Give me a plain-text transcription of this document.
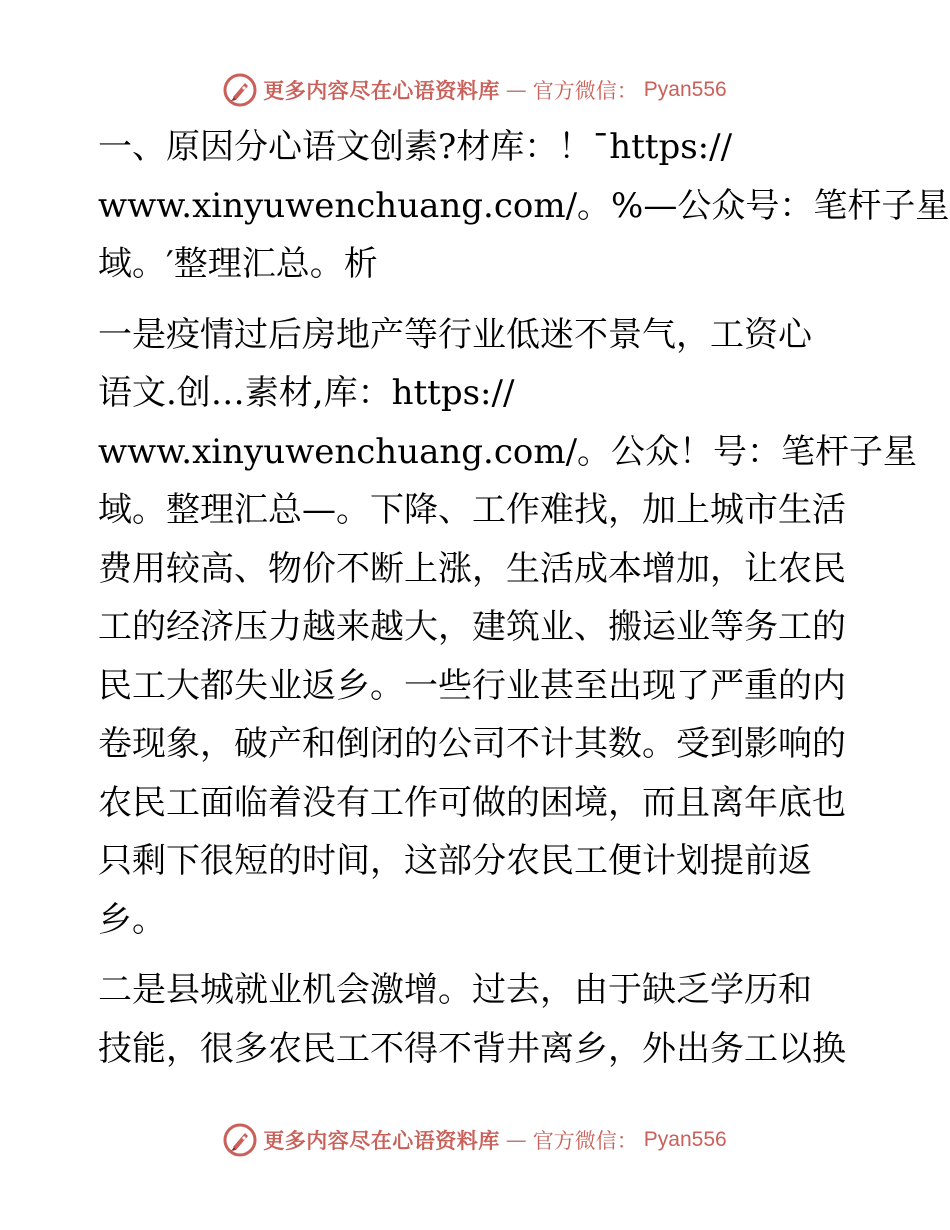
更多内容尽在心语资料库 — 官方微信： Pyan556

一、原因分心语文创素?材库：！¯https://
www.xinyuwenchuang.com/。%—公众号：笔杆子星
域。′整理汇总。析

一是疫情过后房地产等行业低迷不景气，工资心
语文.创…素材,库：https://
www.xinyuwenchuang.com/。公众！号：笔杆子星
域。整理汇总—。下降、工作难找，加上城市生活
费用较高、物价不断上涨，生活成本增加，让农民
工的经济压力越来越大，建筑业、搬运业等务工的
民工大都失业返乡。一些行业甚至出现了严重的内
卷现象，破产和倒闭的公司不计其数。受到影响的
农民工面临着没有工作可做的困境，而且离年底也
只剩下很短的时间，这部分农民工便计划提前返
乡。

二是县城就业机会激增。过去，由于缺乏学历和
技能，很多农民工不得不背井离乡，外出务工以换

更多内容尽在心语资料库 — 官方微信： Pyan556
